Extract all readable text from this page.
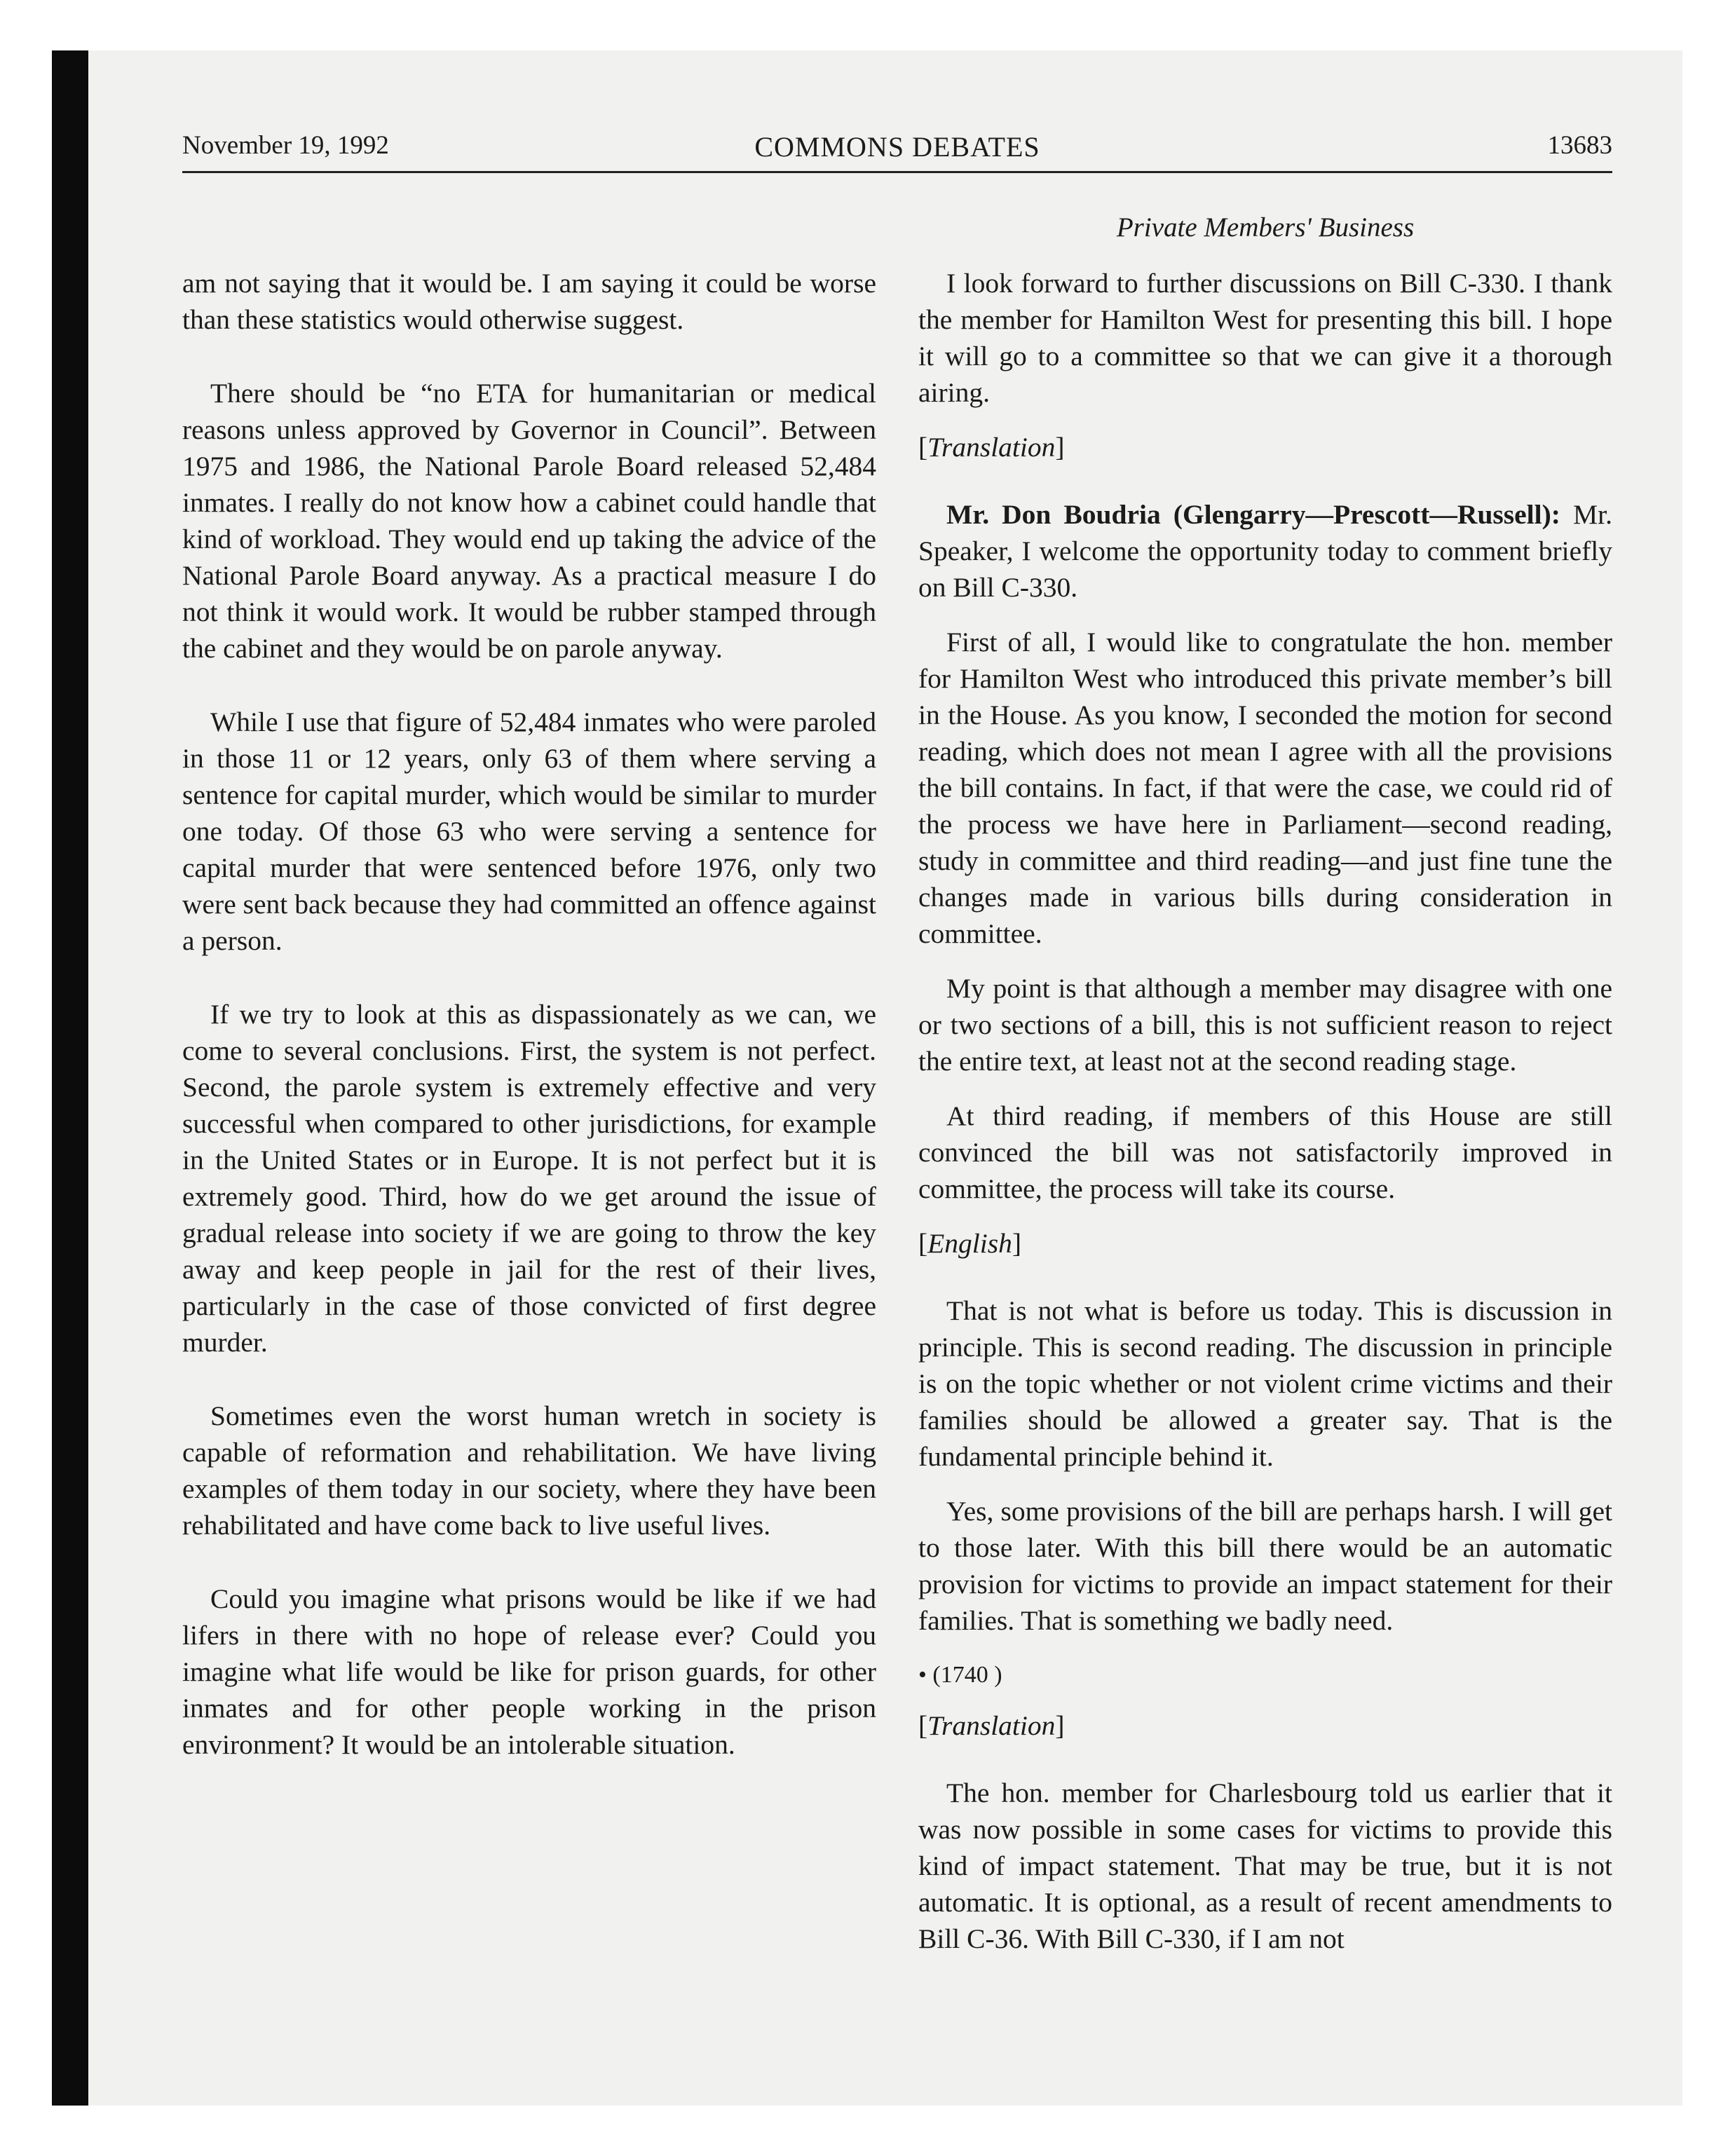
November 19, 1992	COMMONS DEBATES	13683
Private Members' Business

am not saying that it would be. I am saying it could be worse than these statistics would otherwise suggest.

There should be “no ETA for humanitarian or medical reasons unless approved by Governor in Council”. Between 1975 and 1986, the National Parole Board released 52,484 inmates. I really do not know how a cabinet could handle that kind of workload. They would end up taking the advice of the National Parole Board anyway. As a practical measure I do not think it would work. It would be rubber stamped through the cabinet and they would be on parole anyway.

While I use that figure of 52,484 inmates who were paroled in those 11 or 12 years, only 63 of them where serving a sentence for capital murder, which would be similar to murder one today. Of those 63 who were serving a sentence for capital murder that were sentenced before 1976, only two were sent back because they had committed an offence against a person.

If we try to look at this as dispassionately as we can, we come to several conclusions. First, the system is not perfect. Second, the parole system is extremely effective and very successful when compared to other jurisdictions, for example in the United States or in Europe. It is not perfect but it is extremely good. Third, how do we get around the issue of gradual release into society if we are going to throw the key away and keep people in jail for the rest of their lives, particularly in the case of those convicted of first degree murder.

Sometimes even the worst human wretch in society is capable of reformation and rehabilitation. We have living examples of them today in our society, where they have been rehabilitated and have come back to live useful lives.

Could you imagine what prisons would be like if we had lifers in there with no hope of release ever? Could you imagine what life would be like for prison guards, for other inmates and for other people working in the prison environment? It would be an intolerable situation.

I look forward to further discussions on Bill C-330. I thank the member for Hamilton West for presenting this bill. I hope it will go to a committee so that we can give it a thorough airing.

[Translation]

Mr. Don Boudria (Glengarry—Prescott—Russell): Mr. Speaker, I welcome the opportunity today to comment briefly on Bill C-330.

First of all, I would like to congratulate the hon. member for Hamilton West who introduced this private member’s bill in the House. As you know, I seconded the motion for second reading, which does not mean I agree with all the provisions the bill contains. In fact, if that were the case, we could rid of the process we have here in Parliament—second reading, study in committee and third reading—and just fine tune the changes made in various bills during consideration in committee.

My point is that although a member may disagree with one or two sections of a bill, this is not sufficient reason to reject the entire text, at least not at the second reading stage.

At third reading, if members of this House are still convinced the bill was not satisfactorily improved in committee, the process will take its course.

[English]

That is not what is before us today. This is discussion in principle. This is second reading. The discussion in principle is on the topic whether or not violent crime victims and their families should be allowed a greater say. That is the fundamental principle behind it.

Yes, some provisions of the bill are perhaps harsh. I will get to those later. With this bill there would be an automatic provision for victims to provide an impact statement for their families. That is something we badly need.

• (1740 )

[Translation]

The hon. member for Charlesbourg told us earlier that it was now possible in some cases for victims to provide this kind of impact statement. That may be true, but it is not automatic. It is optional, as a result of recent amendments to Bill C-36. With Bill C-330, if I am not
